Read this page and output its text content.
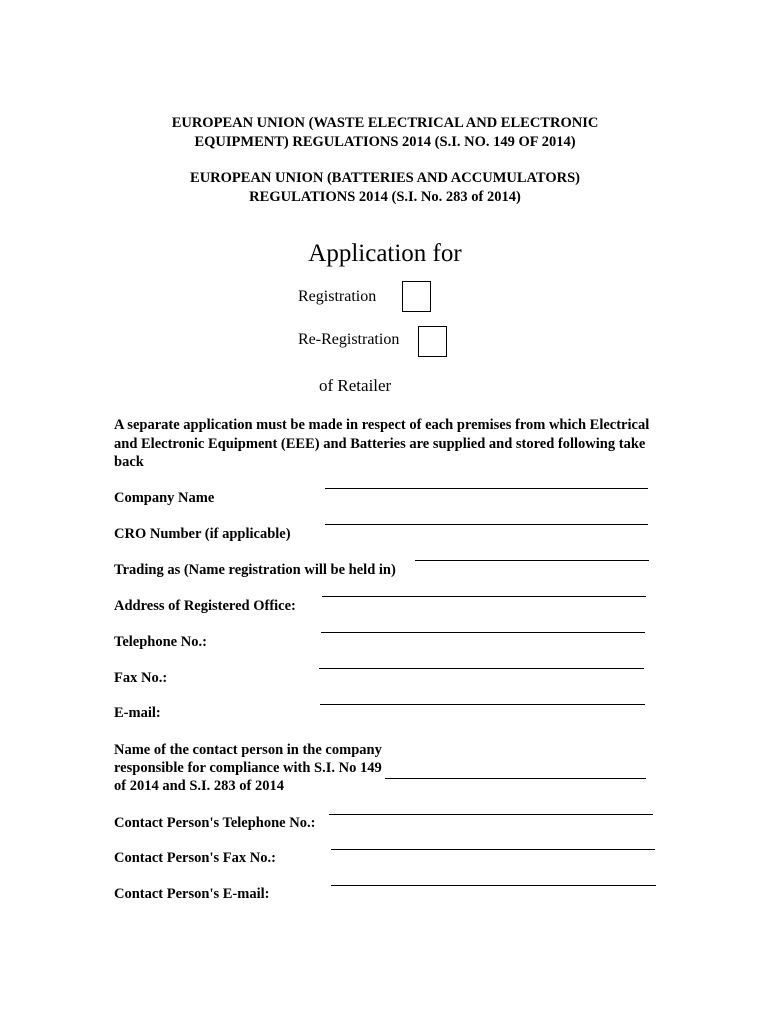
EUROPEAN UNION (WASTE ELECTRICAL AND ELECTRONIC
EQUIPMENT) REGULATIONS 2014 (S.I. NO. 149 OF 2014)
EUROPEAN UNION (BATTERIES AND ACCUMULATORS)
REGULATIONS 2014 (S.I. No. 283 of 2014)
Application for
Registration
Re-Registration
of Retailer
A separate application must be made in respect of each premises from which Electrical and Electronic Equipment (EEE) and Batteries are supplied and stored following take back
Company Name
CRO Number (if applicable)
Trading as (Name registration will be held in)
Address of Registered Office:
Telephone No.:
Fax No.:
E-mail:
Name of the contact person in the company
responsible for compliance with S.I. No 149
of 2014 and S.I. 283 of 2014
Contact Person's Telephone No.:
Contact Person's Fax No.:
Contact Person's E-mail:
